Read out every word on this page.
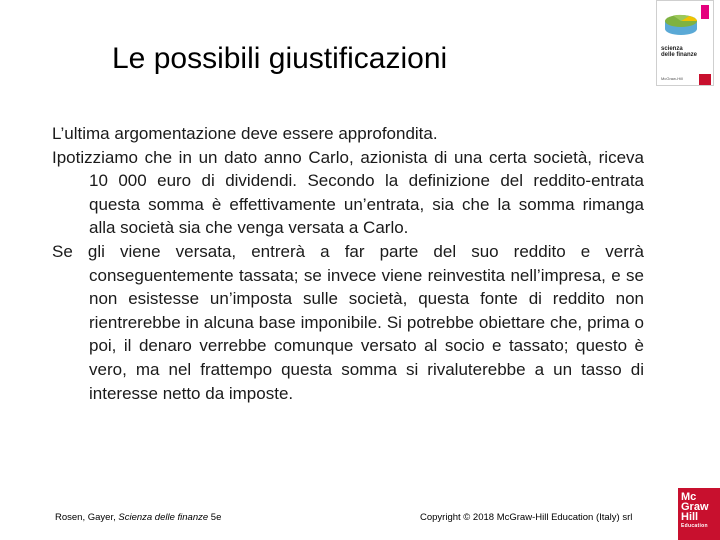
Le possibili giustificazioni	scienza
delle finanze
McGraw-Hill

L’ultima argomentazione deve essere approfondita.

Ipotizziamo che in un dato anno Carlo, azionista di una certa società, riceva 10 000 euro di dividendi. Secondo la definizione del reddito-entrata questa somma è effettivamente un’entrata, sia che la somma rimanga alla società sia che venga versata a Carlo.

Se gli viene versata, entrerà a far parte del suo reddito e verrà conseguentemente tassata; se invece viene reinvestita nell’impresa, e se non esistesse un’imposta sulle società, questa fonte di reddito non rientrerebbe in alcuna base imponibile. Si potrebbe obiettare che, prima o poi, il denaro verrebbe comunque versato al socio e tassato; questo è vero, ma nel frattempo questa somma si rivaluterebbe a un tasso di interesse netto da imposte.

Rosen, Gayer, Scienza delle finanze 5e	Copyright © 2018 McGraw-Hill Education (Italy) srl
Mc
Graw
Hill
Education
